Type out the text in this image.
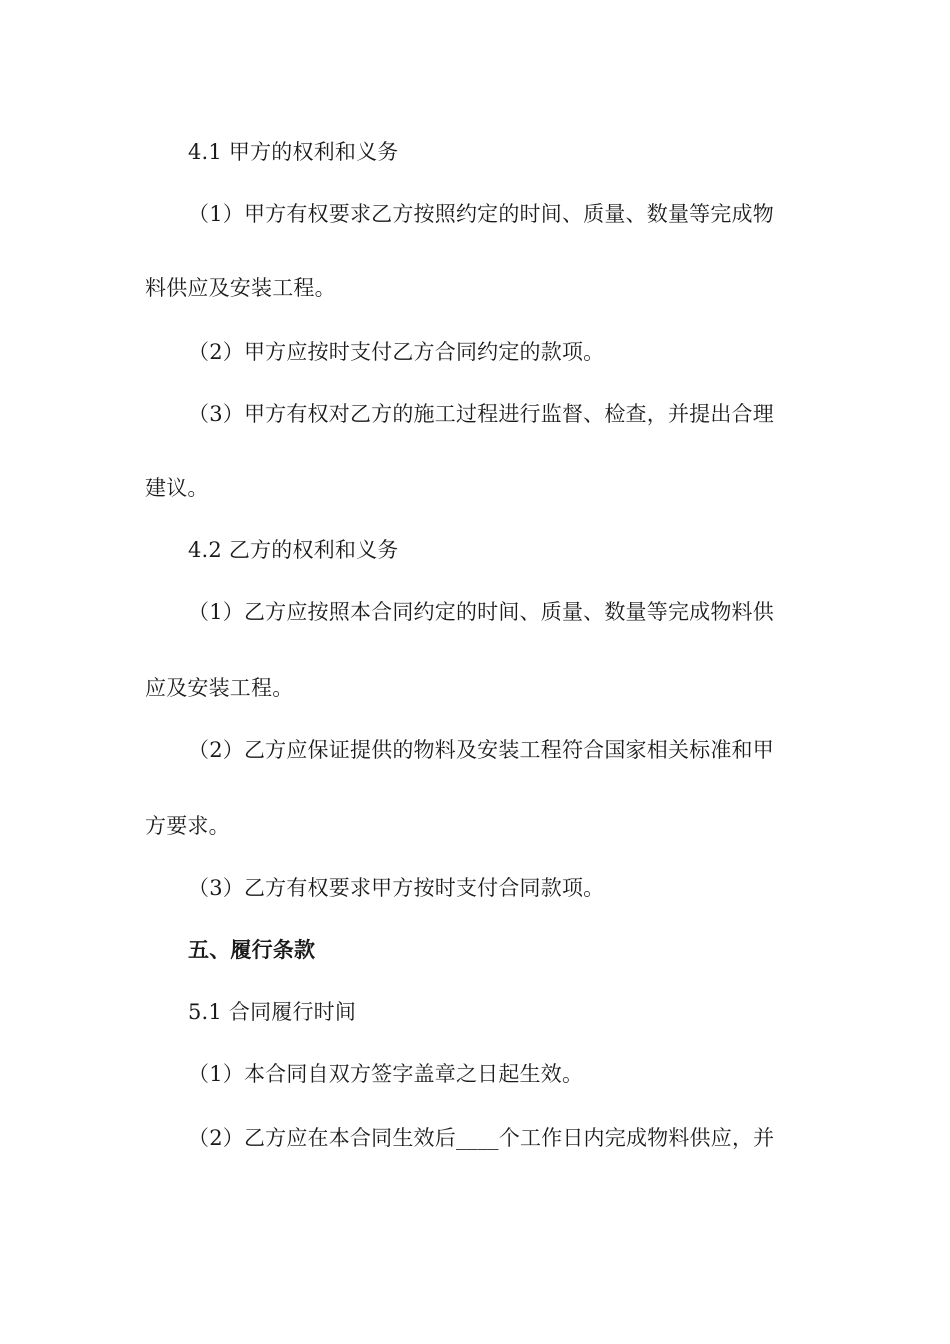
4.1 甲方的权利和义务
（1）甲方有权要求乙方按照约定的时间、质量、数量等完成物
料供应及安装工程。
（2）甲方应按时支付乙方合同约定的款项。
（3）甲方有权对乙方的施工过程进行监督、检查，并提出合理
建议。
4.2 乙方的权利和义务
（1）乙方应按照本合同约定的时间、质量、数量等完成物料供
应及安装工程。
（2）乙方应保证提供的物料及安装工程符合国家相关标准和甲
方要求。
（3）乙方有权要求甲方按时支付合同款项。
五、履行条款
5.1 合同履行时间
（1）本合同自双方签字盖章之日起生效。
（2）乙方应在本合同生效后____个工作日内完成物料供应，并
